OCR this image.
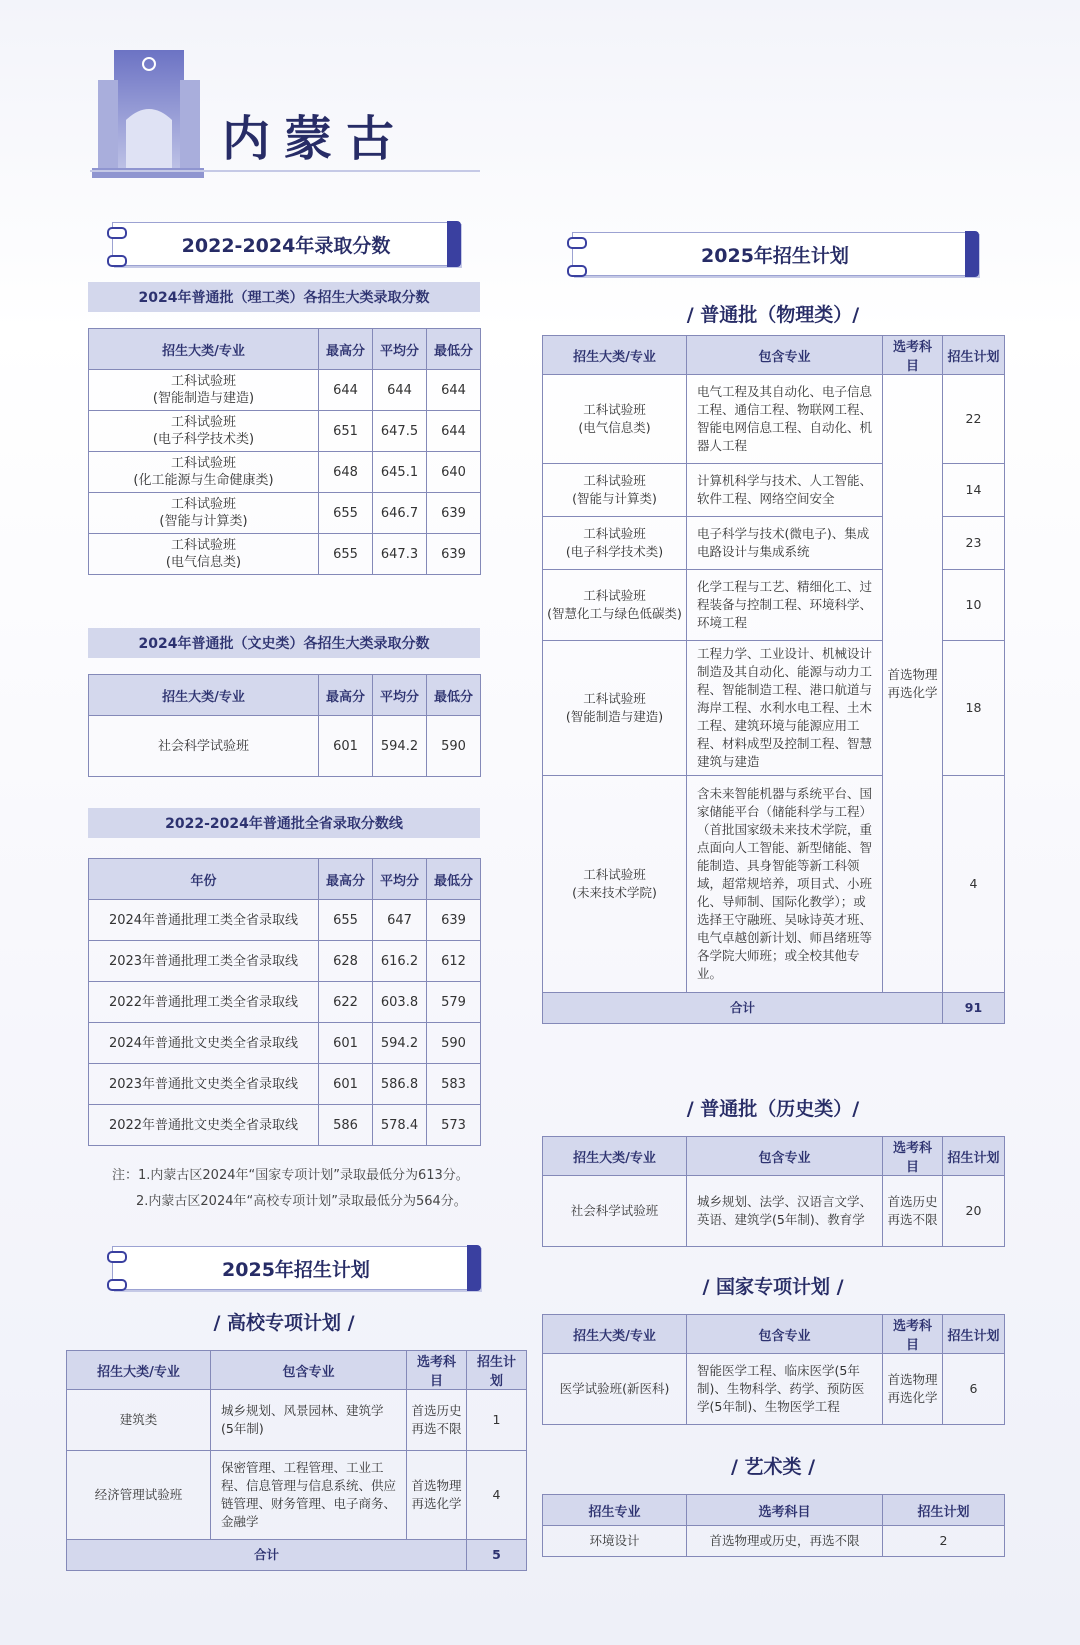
内蒙古
2022-2024年录取分数
2024年普通批（理工类）各招生大类录取分数
招生大类/专业	最高分	平均分	最低分
工科试验班
(智能制造与建造)	644	644	644
工科试验班
(电子科学技术类)	651	647.5	644
工科试验班
(化工能源与生命健康类)	648	645.1	640
工科试验班
(智能与计算类)	655	646.7	639
工科试验班
(电气信息类)	655	647.3	639
2024年普通批（文史类）各招生大类录取分数
招生大类/专业	最高分	平均分	最低分
社会科学试验班	601	594.2	590
2022-2024年普通批全省录取分数线
年份	最高分	平均分	最低分
2024年普通批理工类全省录取线	655	647	639
2023年普通批理工类全省录取线	628	616.2	612
2022年普通批理工类全省录取线	622	603.8	579
2024年普通批文史类全省录取线	601	594.2	590
2023年普通批文史类全省录取线	601	586.8	583
2022年普通批文史类全省录取线	586	578.4	573
注：1.内蒙古区2024年“国家专项计划”录取最低分为613分。
2.内蒙古区2024年“高校专项计划”录取最低分为564分。
2025年招生计划
/ 高校专项计划 /
招生大类/专业	包含专业	选考科目	招生计划
建筑类	城乡规划、风景园林、建筑学(5年制)	首选历史再选不限	1
经济管理试验班	保密管理、工程管理、工业工程、信息管理与信息系统、供应链管理、财务管理、电子商务、金融学	首选物理再选化学	4
合计			5
2025年招生计划
/ 普通批（物理类）/
招生大类/专业	包含专业	选考科目	招生计划
工科试验班
(电气信息类)	电气工程及其自动化、电子信息工程、通信工程、物联网工程、智能电网信息工程、自动化、机器人工程	首选物理再选化学	22
工科试验班
(智能与计算类)	计算机科学与技术、人工智能、软件工程、网络空间安全		14
工科试验班
(电子科学技术类)	电子科学与技术(微电子)、集成电路设计与集成系统		23
工科试验班
(智慧化工与绿色低碳类)	化学工程与工艺、精细化工、过程装备与控制工程、环境科学、环境工程		10
工科试验班
(智能制造与建造)	工程力学、工业设计、机械设计制造及其自动化、能源与动力工程、智能制造工程、港口航道与海岸工程、水利水电工程、土木工程、建筑环境与能源应用工程、材料成型及控制工程、智慧建筑与建造		18
工科试验班
(未来技术学院)	含未来智能机器与系统平台、国家储能平台（储能科学与工程）（首批国家级未来技术学院，重点面向人工智能、新型储能、智能制造、具身智能等新工科领域，超常规培养，项目式、小班化、导师制、国际化教学）；或选择王守融班、吴咏诗英才班、电气卓越创新计划、师昌绪班等各学院大师班；或全校其他专业。		4
合计			91
/ 普通批（历史类）/
招生大类/专业	包含专业	选考科目	招生计划
社会科学试验班	城乡规划、法学、汉语言文学、英语、建筑学(5年制)、教育学	首选历史再选不限	20
/ 国家专项计划 /
招生大类/专业	包含专业	选考科目	招生计划
医学试验班(新医科)	智能医学工程、临床医学(5年制)、生物科学、药学、预防医学(5年制)、生物医学工程	首选物理再选化学	6
/ 艺术类 /
招生专业	选考科目	招生计划
环境设计	首选物理或历史，再选不限	2
